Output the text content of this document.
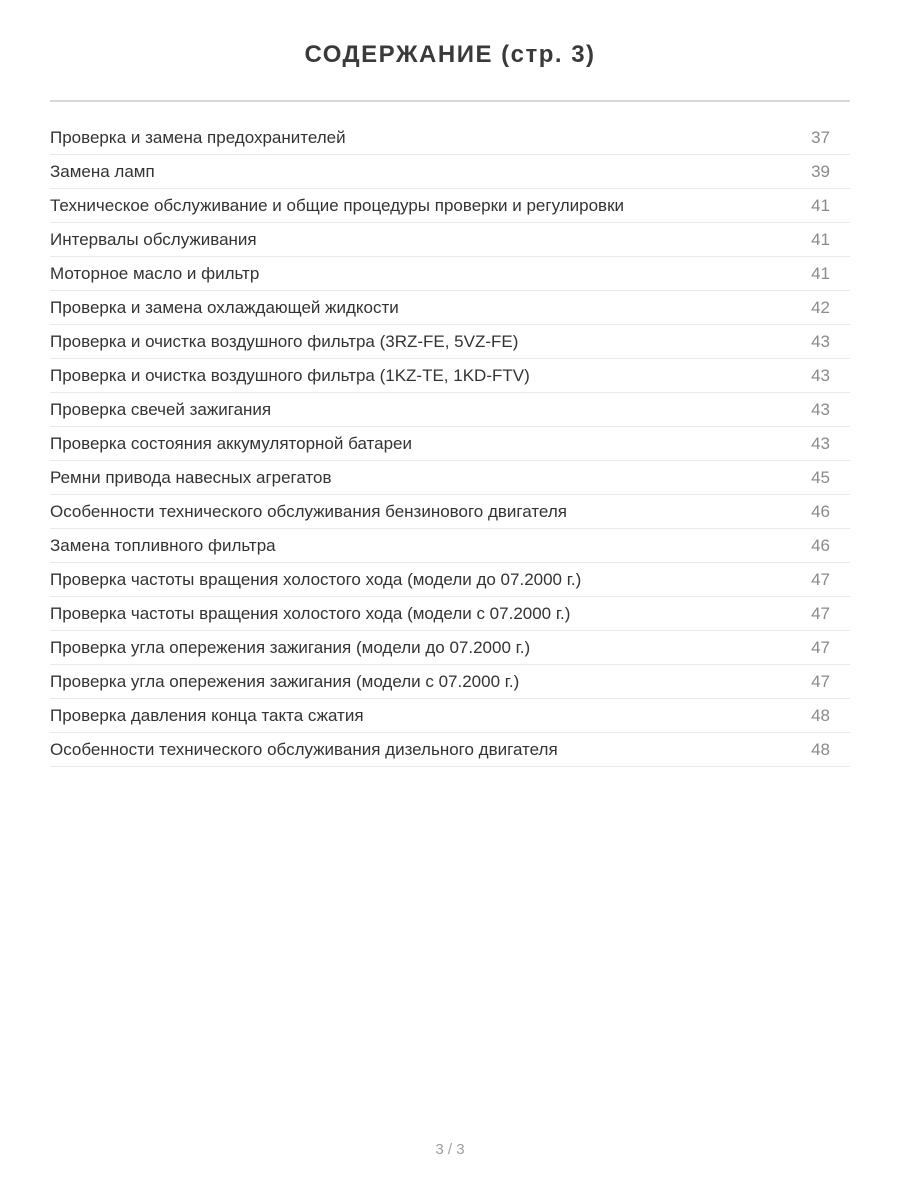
СОДЕРЖАНИЕ (стр. 3)
Проверка и замена предохранителей	37
Замена ламп	39
Техническое обслуживание и общие процедуры проверки и регулировки	41
Интервалы обслуживания	41
Моторное масло и фильтр	41
Проверка и замена охлаждающей жидкости	42
Проверка и очистка воздушного фильтра (3RZ-FE, 5VZ-FE)	43
Проверка и очистка воздушного фильтра (1KZ-TE, 1KD-FTV)	43
Проверка свечей зажигания	43
Проверка состояния аккумуляторной батареи	43
Ремни привода навесных агрегатов	45
Особенности технического обслуживания бензинового двигателя	46
Замена топливного фильтра	46
Проверка частоты вращения холостого хода (модели до 07.2000 г.)	47
Проверка частоты вращения холостого хода (модели с 07.2000 г.)	47
Проверка угла опережения зажигания (модели до 07.2000 г.)	47
Проверка угла опережения зажигания (модели с 07.2000 г.)	47
Проверка давления конца такта сжатия	48
Особенности технического обслуживания дизельного двигателя	48
3 / 3
